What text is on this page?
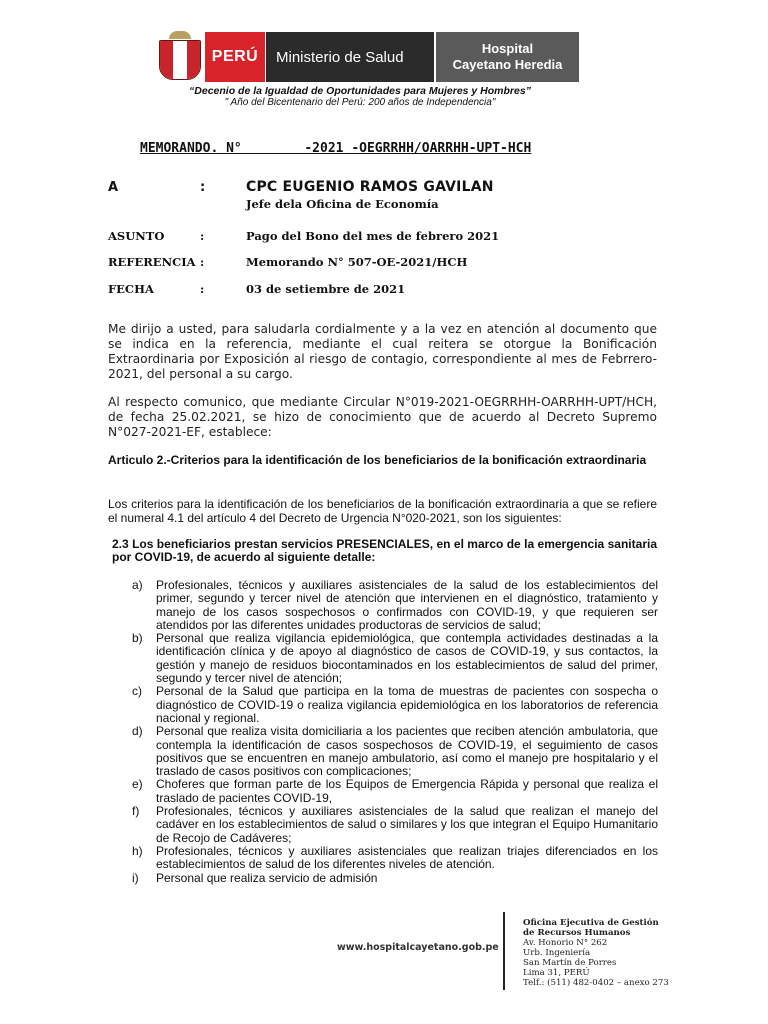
PERÚ Ministerio de Salud	Hospital
Cayetano Heredia
“Decenio de la Igualdad de Oportunidades para Mujeres y Hombres”
" Año del Bicentenario del Perú: 200 años de Independencia"
MEMORANDO. N°        -2021 -OEGRRHH/OARRHH-UPT-HCH
A	:	CPC EUGENIO RAMOS GAVILAN
Jefe dela Oficina de Economía
ASUNTO	:	Pago del Bono del mes de febrero 2021
REFERENCIA :	Memorando N° 507-OE-2021/HCH
FECHA	:	03 de setiembre de 2021
Me dirijo a usted, para saludarla cordialmente y a la vez en atención al documento que se indica en la referencia, mediante el cual reitera se otorgue la Bonificación Extraordinaria por Exposición al riesgo de contagio, correspondiente al mes de Febrrero-2021, del personal a su cargo.
Al respecto comunico, que mediante Circular N°019-2021-OEGRRHH-OARRHH-UPT/HCH, de fecha 25.02.2021, se hizo de conocimiento que de acuerdo al Decreto Supremo N°027-2021-EF, establece:
Articulo 2.-Criterios para la identificación de los beneficiarios de la bonificación extraordinaria
Los criterios para la identificación de los beneficiarios de la bonificación extraordinaria a que se refiere el numeral 4.1 del artículo 4 del Decreto de Urgencia N°020-2021, son los siguientes:
2.3 Los beneficiarios prestan servicios PRESENCIALES, en el marco de la emergencia sanitaria por COVID-19, de acuerdo al siguiente detalle:
a)	Profesionales, técnicos y auxiliares asistenciales de la salud de los establecimientos del primer, segundo y tercer nivel de atención que intervienen en el diagnóstico, tratamiento y manejo de los casos sospechosos o confirmados con COVID-19, y que requieren ser atendidos por las diferentes unidades productoras de servicios de salud;
b)	Personal que realiza vigilancia epidemiológica, que contempla actividades destinadas a la identificación clínica y de apoyo al diagnóstico de casos de COVID-19, y sus contactos, la gestión y manejo de residuos biocontaminados en los establecimientos de salud del primer, segundo y tercer nivel de atención;
c)	Personal de la Salud que participa en la toma de muestras de pacientes con sospecha o diagnóstico de COVID-19 o realiza vigilancia epidemiológica en los laboratorios de referencia nacional y regional.
d)	Personal que realiza visita domiciliaria a los pacientes que reciben atención ambulatoria, que contempla la identificación de casos sospechosos de COVID-19, el seguimiento de casos positivos que se encuentren en manejo ambulatorio, así como el manejo pre hospitalario y el traslado de casos positivos con complicaciones;
e)	Choferes que forman parte de los Equipos de Emergencia Rápida y personal que realiza el traslado de pacientes COVID-19,
f)	Profesionales, técnicos y auxiliares asistenciales de la salud que realizan el manejo del cadáver en los establecimientos de salud o similares y los que integran el Equipo Humanitario de Recojo de Cadáveres;
h)	Profesionales, técnicos y auxiliares asistenciales que realizan triajes diferenciados en los establecimientos de salud de los diferentes niveles de atención.
i)	Personal que realiza servicio de admisión
www.hospitalcayetano.gob.pe
Oficina Ejecutiva de Gestión
de Recursos Humanos
Av. Honorio N° 262
Urb. Ingeniería
San Martín de Porres
Lima 31, PERÚ
Telf.: (511) 482-0402 – anexo 273
